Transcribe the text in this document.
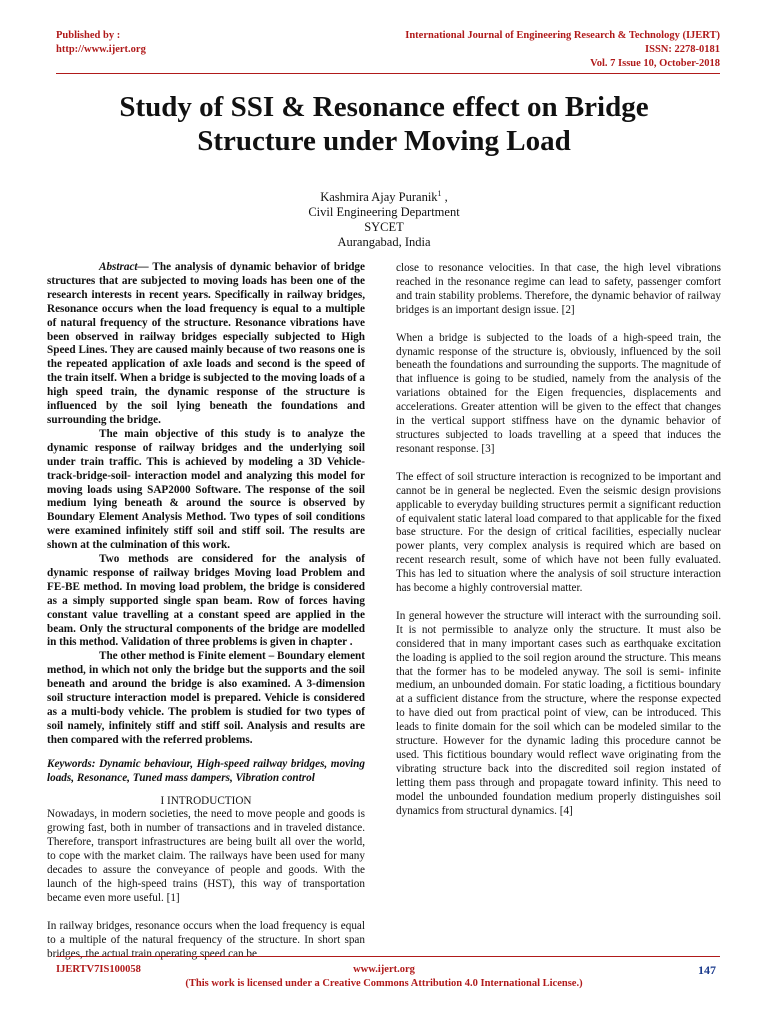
Published by :
http://www.ijert.org
International Journal of Engineering Research & Technology (IJERT)
ISSN: 2278-0181
Vol. 7 Issue 10, October-2018
Study of SSI & Resonance effect on Bridge
Structure under Moving Load
Kashmira Ajay Puranik$^1$ ,
Civil Engineering Department
SYCET
Aurangabad, India

Abstract— The analysis of dynamic behavior of bridge structures that are subjected to moving loads has been one of the research interests in recent years. Specifically in railway bridges, Resonance occurs when the load frequency is equal to a multiple of natural frequency of the structure. Resonance vibrations have been observed in railway bridges especially subjected to High Speed Lines. They are caused mainly because of two reasons one is the repeated application of axle loads and second is the speed of the train itself. When a bridge is subjected to the moving loads of a high speed train, the dynamic response of the structure is influenced by the soil lying beneath the foundations and surrounding the bridge.

The main objective of this study is to analyze the dynamic response of railway bridges and the underlying soil under train traffic. This is achieved by modeling a 3D Vehicle-track-bridge-soil- interaction model and analyzing this model for moving loads using SAP2000 Software. The response of the soil medium lying beneath & around the source is observed by Boundary Element Analysis Method. Two types of soil conditions were examined infinitely stiff soil and stiff soil. The results are shown at the culmination of this work.

Two methods are considered for the analysis of dynamic response of railway bridges Moving load Problem and FE-BE method. In moving load problem, the bridge is considered as a simply supported single span beam. Row of forces having constant value travelling at a constant speed are applied in the beam. Only the structural components of the bridge are modelled in this method. Validation of three problems is given in chapter .

The other method is Finite element – Boundary element method, in which not only the bridge but the supports and the soil beneath and around the bridge is also examined. A 3-dimension soil structure interaction model is prepared. Vehicle is considered as a multi-body vehicle. The problem is studied for two types of soil namely, infinitely stiff and stiff soil. Analysis and results are then compared with the referred problems.

Keywords: Dynamic behaviour, High-speed railway bridges, moving loads, Resonance, Tuned mass dampers, Vibration control

I INTRODUCTION

Nowadays, in modern societies, the need to move people and goods is growing fast, both in number of transactions and in traveled distance. Therefore, transport infrastructures are being built all over the world, to cope with the market claim. The railways have been used for many decades to assure the conveyance of people and goods. With the launch of the high-speed trains (HST), this way of transportation became even more useful. [1]

In railway bridges, resonance occurs when the load frequency is equal to a multiple of the natural frequency of the structure. In short span bridges, the actual train operating speed can be

close to resonance velocities. In that case, the high level vibrations reached in the resonance regime can lead to safety, passenger comfort and train stability problems. Therefore, the dynamic behavior of railway bridges is an important design issue. [2]

When a bridge is subjected to the loads of a high-speed train, the dynamic response of the structure is, obviously, influenced by the soil beneath the foundations and surrounding the supports. The magnitude of that influence is going to be studied, namely from the analysis of the variations obtained for the Eigen frequencies, displacements and accelerations. Greater attention will be given to the effect that changes in the vertical support stiffness have on the dynamic behavior of structures subjected to loads travelling at a speed that induces the resonant response. [3]

The effect of soil structure interaction is recognized to be important and cannot be in general be neglected. Even the seismic design provisions applicable to everyday building structures permit a significant reduction of equivalent static lateral load compared to that applicable for the fixed base structure. For the design of critical facilities, especially nuclear power plants, very complex analysis is required which are based on recent research result, some of which have not been fully evaluated. This has led to situation where the analysis of soil structure interaction has become a highly controversial matter.

In general however the structure will interact with the surrounding soil. It is not permissible to analyze only the structure. It must also be considered that in many important cases such as earthquake excitation the loading is applied to the soil region around the structure. This means that the former has to be modeled anyway. The soil is semi- infinite medium, an unbounded domain. For static loading, a fictitious boundary at a sufficient distance from the structure, where the response expected to have died out from practical point of view, can be introduced. This leads to finite domain for the soil which can be modeled similar to the structure. However for the dynamic lading this procedure cannot be used. This fictitious boundary would reflect wave originating from the vibrating structure back into the discredited soil region instated of letting them pass through and propagate toward infinity. This need to model the unbounded foundation medium properly distinguishes soil dynamics from structural dynamics. [4]

IJERTV7IS100058	www.ijert.org
(This work is licensed under a Creative Commons Attribution 4.0 International License.)
147
